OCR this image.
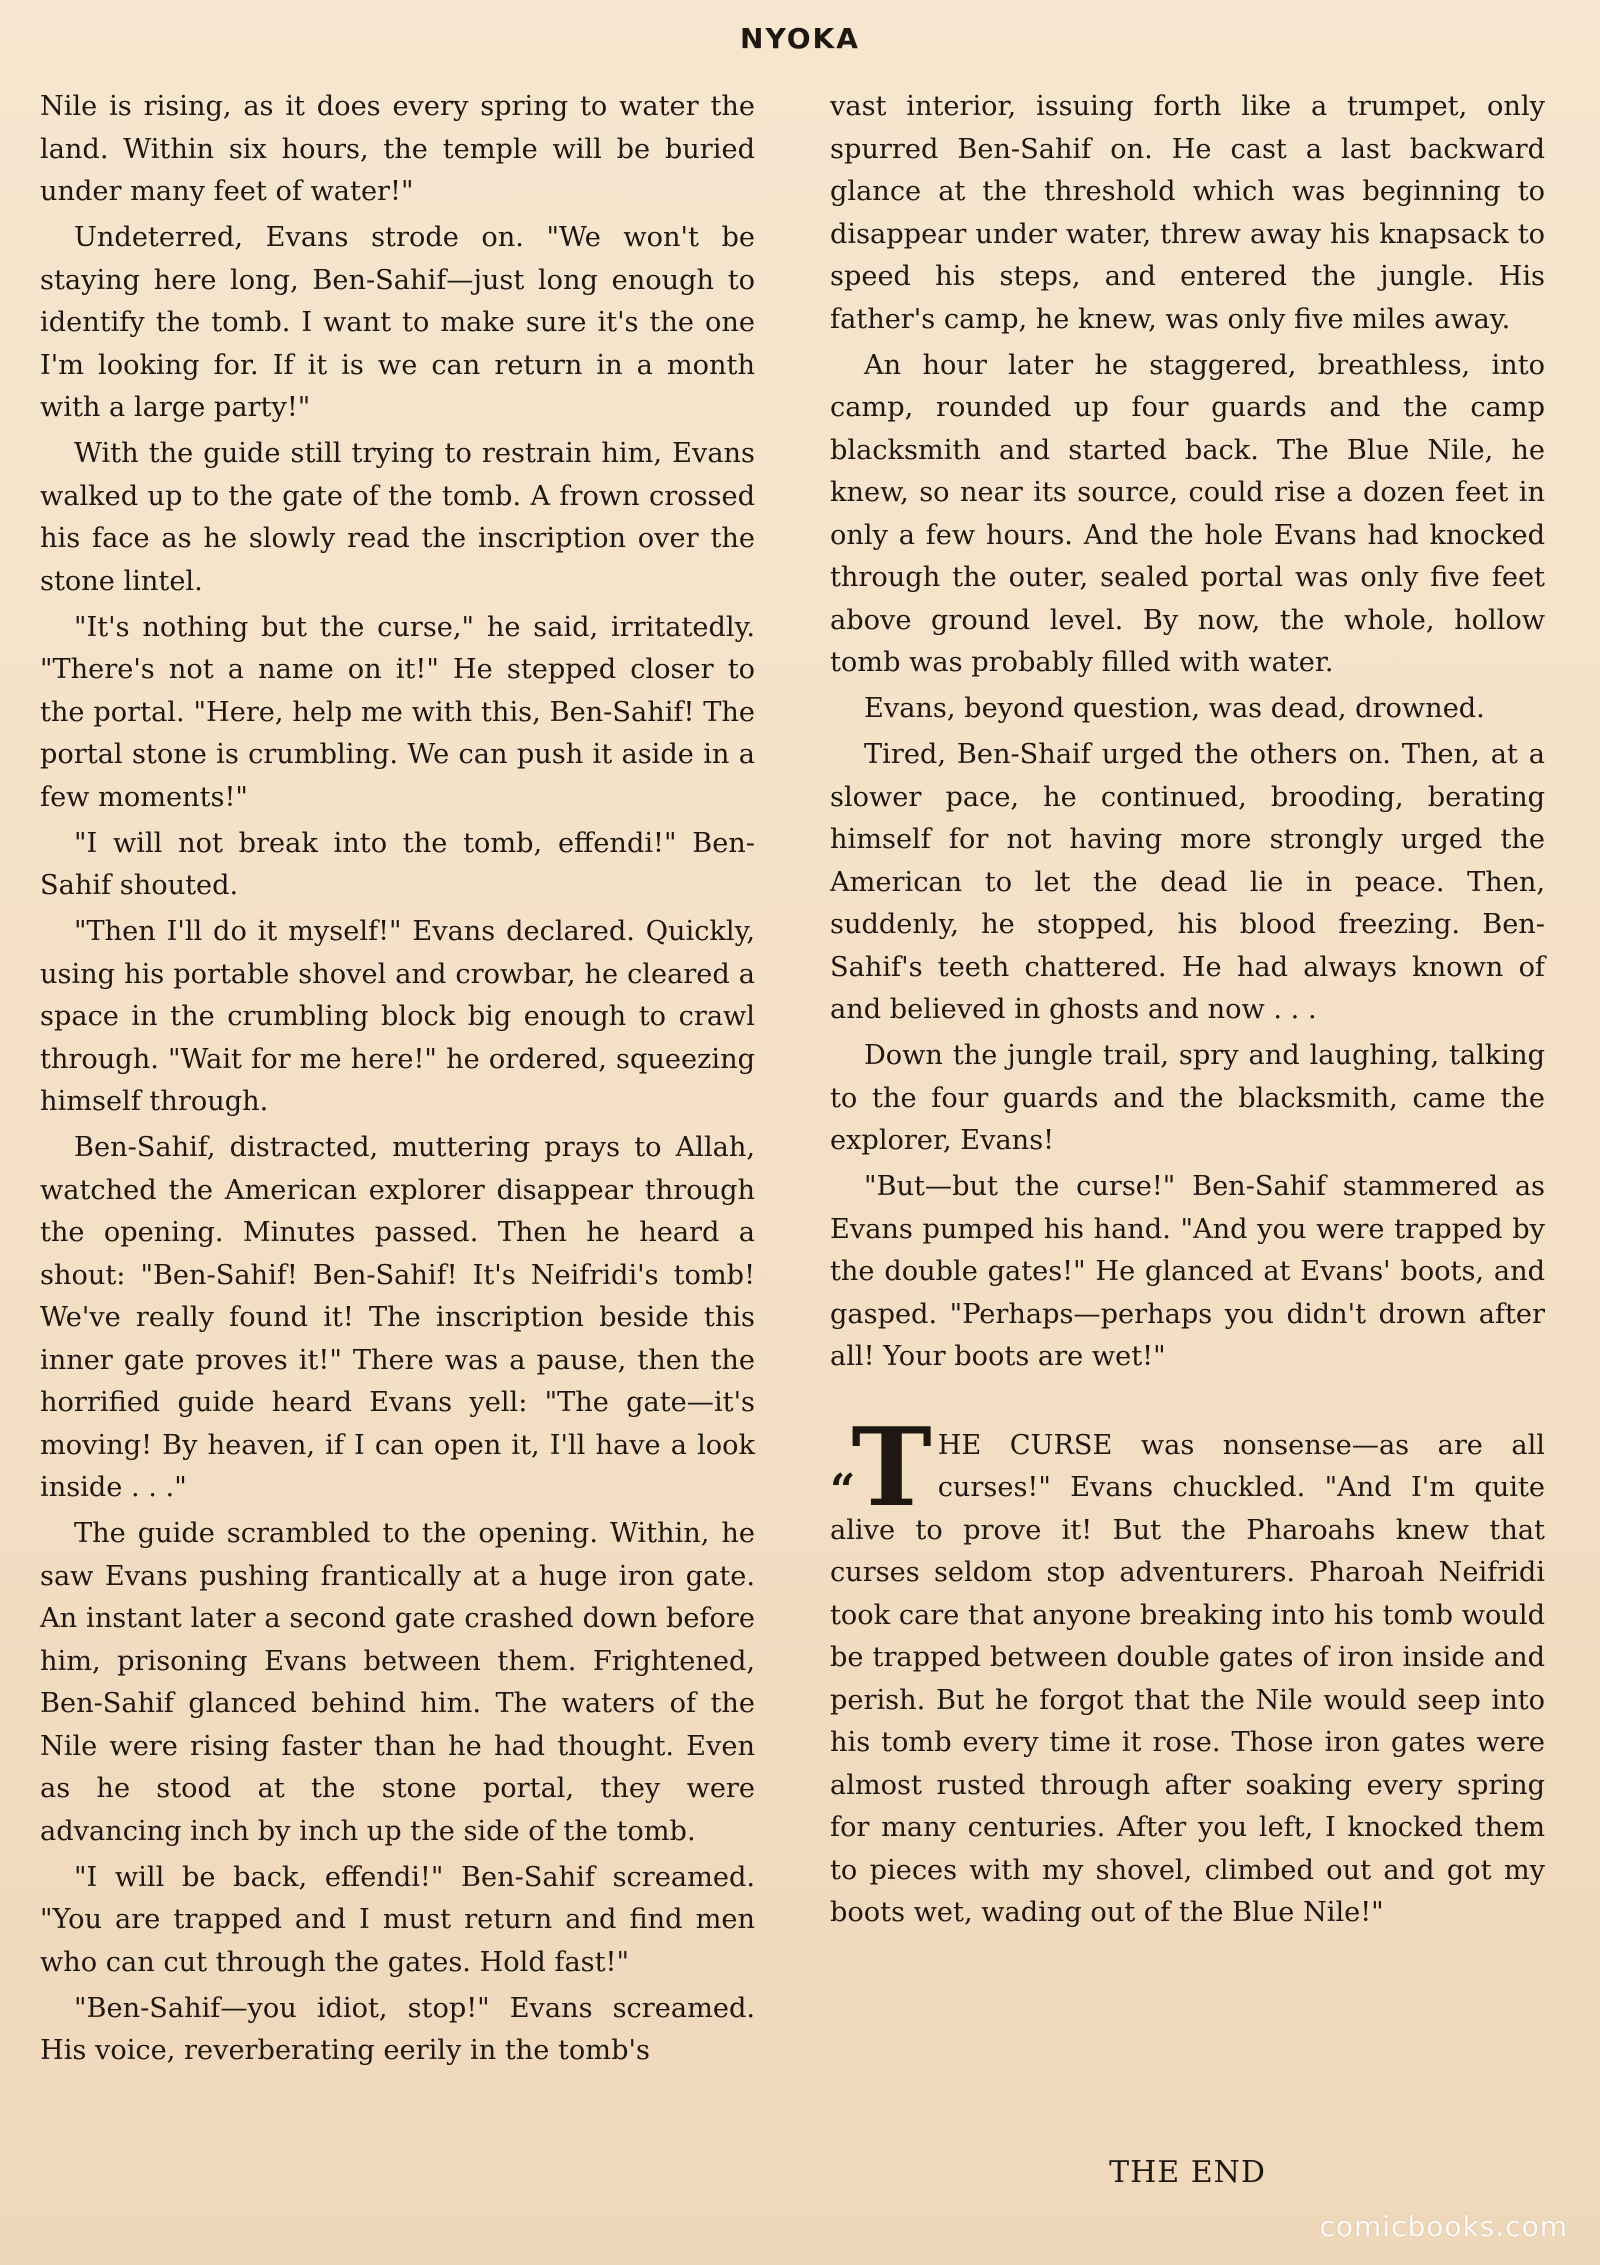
NYOKA

Nile is rising, as it does every spring to water the land. Within six hours, the temple will be buried under many feet of water!"

Undeterred, Evans strode on. "We won't be staying here long, Ben-Sahif—just long enough to identify the tomb. I want to make sure it's the one I'm looking for. If it is we can return in a month with a large party!"

With the guide still trying to restrain him, Evans walked up to the gate of the tomb. A frown crossed his face as he slowly read the inscription over the stone lintel.

"It's nothing but the curse," he said, irritatedly. "There's not a name on it!" He stepped closer to the portal. "Here, help me with this, Ben-Sahif! The portal stone is crumbling. We can push it aside in a few moments!"

"I will not break into the tomb, effendi!" Ben-Sahif shouted.

"Then I'll do it myself!" Evans declared. Quickly, using his portable shovel and crowbar, he cleared a space in the crumbling block big enough to crawl through. "Wait for me here!" he ordered, squeezing himself through.

Ben-Sahif, distracted, muttering prays to Allah, watched the American explorer disappear through the opening. Minutes passed. Then he heard a shout: "Ben-Sahif! Ben-Sahif! It's Neifridi's tomb! We've really found it! The inscription beside this inner gate proves it!" There was a pause, then the horrified guide heard Evans yell: "The gate—it's moving! By heaven, if I can open it, I'll have a look inside . . ."

The guide scrambled to the opening. Within, he saw Evans pushing frantically at a huge iron gate. An instant later a second gate crashed down before him, prisoning Evans between them. Frightened, Ben-Sahif glanced behind him. The waters of the Nile were rising faster than he had thought. Even as he stood at the stone portal, they were advancing inch by inch up the side of the tomb.

"I will be back, effendi!" Ben-Sahif screamed. "You are trapped and I must return and find men who can cut through the gates. Hold fast!"

"Ben-Sahif—you idiot, stop!" Evans screamed. His voice, reverberating eerily in the tomb's

vast interior, issuing forth like a trumpet, only spurred Ben-Sahif on. He cast a last backward glance at the threshold which was beginning to disappear under water, threw away his knapsack to speed his steps, and entered the jungle. His father's camp, he knew, was only five miles away.

An hour later he staggered, breathless, into camp, rounded up four guards and the camp blacksmith and started back. The Blue Nile, he knew, so near its source, could rise a dozen feet in only a few hours. And the hole Evans had knocked through the outer, sealed portal was only five feet above ground level. By now, the whole, hollow tomb was probably filled with water.

Evans, beyond question, was dead, drowned.

Tired, Ben-Shaif urged the others on. Then, at a slower pace, he continued, brooding, berating himself for not having more strongly urged the American to let the dead lie in peace. Then, suddenly, he stopped, his blood freezing. Ben-Sahif's teeth chattered. He had always known of and believed in ghosts and now . . .

Down the jungle trail, spry and laughing, talking to the four guards and the blacksmith, came the explorer, Evans!

"But—but the curse!" Ben-Sahif stammered as Evans pumped his hand. "And you were trapped by the double gates!" He glanced at Evans' boots, and gasped. "Perhaps—perhaps you didn't drown after all! Your boots are wet!"

“T HE CURSE was nonsense—as are all curses!" Evans chuckled. "And I'm quite alive to prove it! But the Pharoahs knew that curses seldom stop adventurers. Pharoah Neifridi took care that anyone breaking into his tomb would be trapped between double gates of iron inside and perish. But he forgot that the Nile would seep into his tomb every time it rose. Those iron gates were almost rusted through after soaking every spring for many centuries. After you left, I knocked them to pieces with my shovel, climbed out and got my boots wet, wading out of the Blue Nile!"

THE END
comicbooks.com
